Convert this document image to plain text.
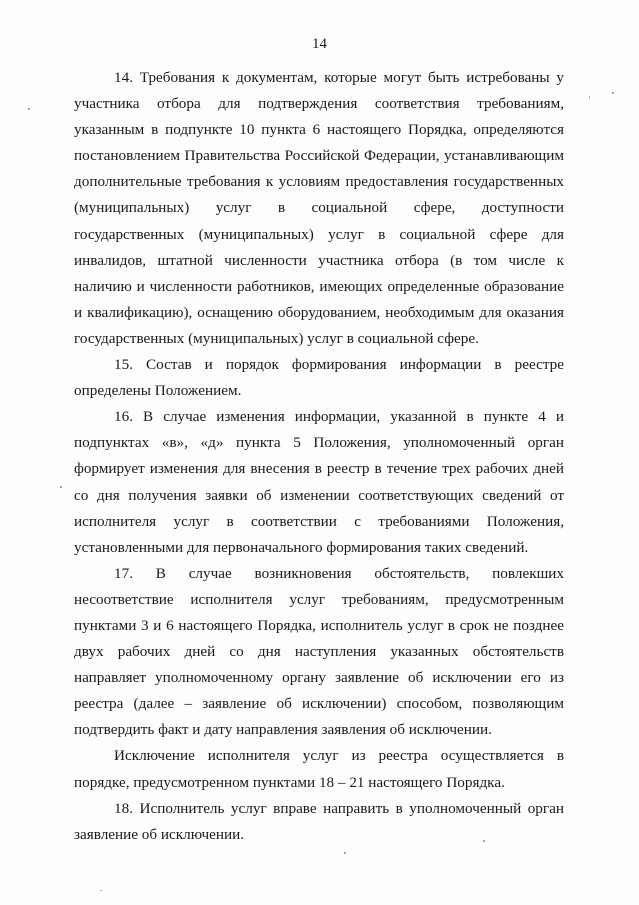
14

14. Требования к документам, которые могут быть истребованы у участника отбора для подтверждения соответствия требованиям, указанным в подпункте 10 пункта 6 настоящего Порядка, определяются постановлением Правительства Российской Федерации, устанавливающим дополнительные требования к условиям предоставления государственных (муниципальных) услуг в социальной сфере, доступности государственных (муниципальных) услуг в социальной сфере для инвалидов, штатной численности участника отбора (в том числе к наличию и численности работников, имеющих определенные образование и квалификацию), оснащению оборудованием, необходимым для оказания государственных (муниципальных) услуг в социальной сфере.

15. Состав и порядок формирования информации в реестре определены Положением.

16. В случае изменения информации, указанной в пункте 4 и подпунктах «в», «д» пункта 5 Положения, уполномоченный орган формирует изменения для внесения в реестр в течение трех рабочих дней со дня получения заявки об изменении соответствующих сведений от исполнителя услуг в соответствии с требованиями Положения, установленными для первоначального формирования таких сведений.

17. В случае возникновения обстоятельств, повлекших несоответствие исполнителя услуг требованиям, предусмотренным пунктами 3 и 6 настоящего Порядка, исполнитель услуг в срок не позднее двух рабочих дней со дня наступления указанных обстоятельств направляет уполномоченному органу заявление об исключении его из реестра (далее – заявление об исключении) способом, позволяющим подтвердить факт и дату направления заявления об исключении.

Исключение исполнителя услуг из реестра осуществляется в порядке, предусмотренном пунктами 18 – 21 настоящего Порядка.

18. Исполнитель услуг вправе направить в уполномоченный орган заявление об исключении.
